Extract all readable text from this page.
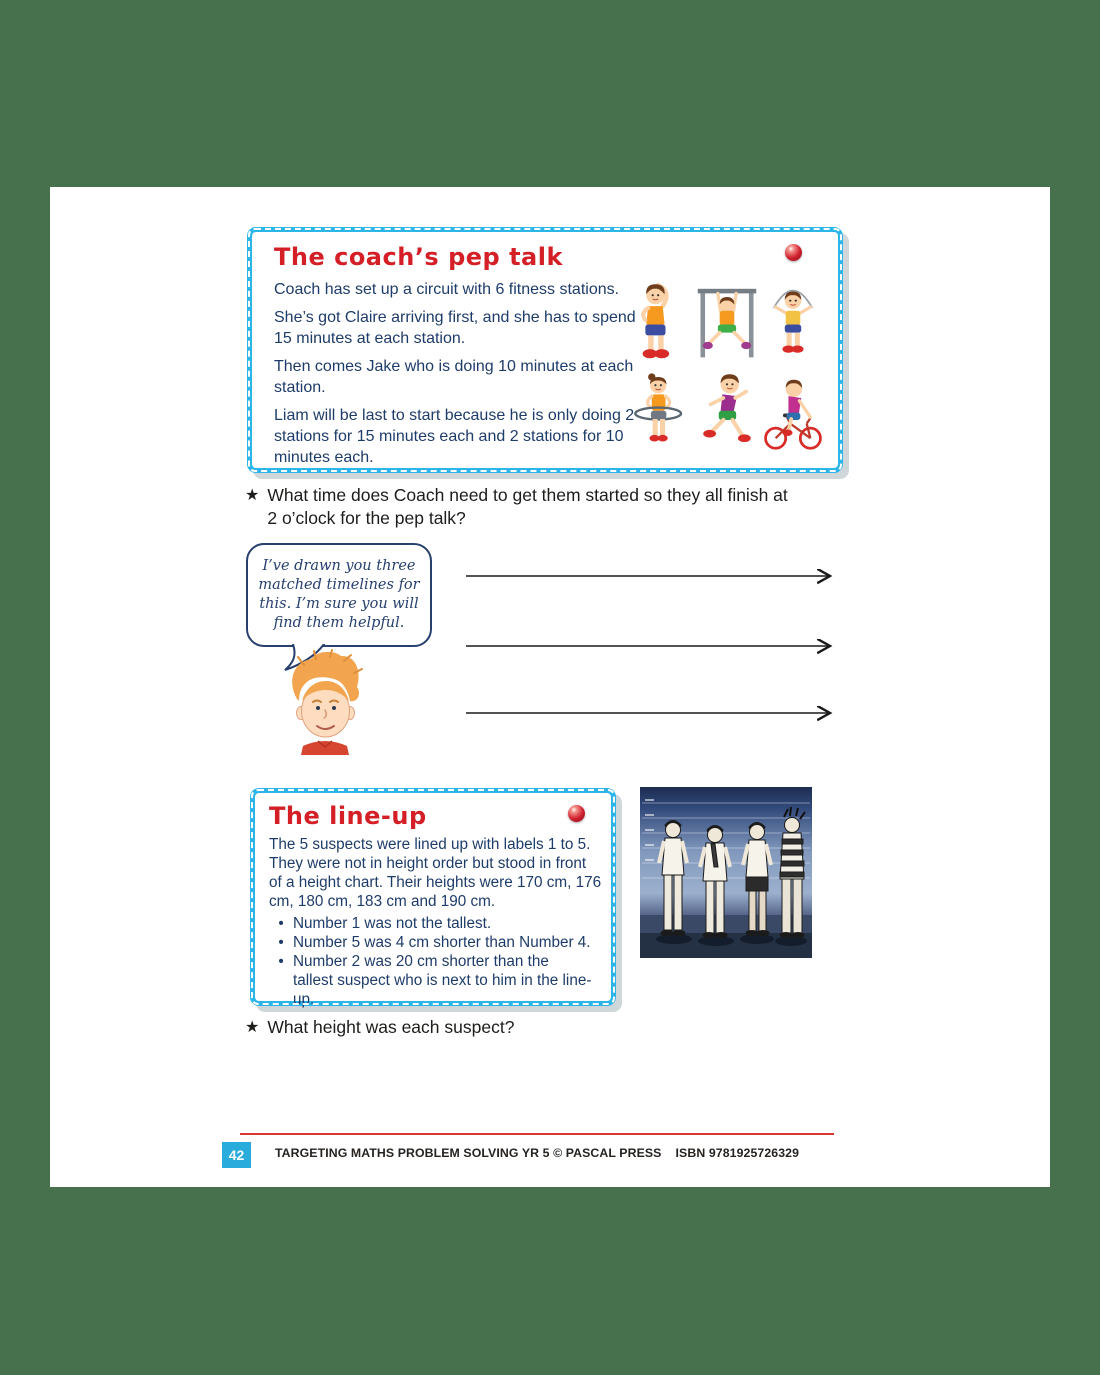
The coach’s pep talk
Coach has set up a circuit with 6 fitness stations.
She’s got Claire arriving first, and she has to spend 15 minutes at each station.
Then comes Jake who is doing 10 minutes at each station.
Liam will be last to start because he is only doing 2 stations for 15 minutes each and 2 stations for 10 minutes each.
★ What time does Coach need to get them started so they all finish at 2 o’clock for the pep talk?
I’ve drawn you three matched timelines for this. I’m sure you will find them helpful.
The line-up
The 5 suspects were lined up with labels 1 to 5. They were not in height order but stood in front of a height chart. Their heights were 170 cm, 176 cm, 180 cm, 183 cm and 190 cm.
• Number 1 was not the tallest.
• Number 5 was 4 cm shorter than Number 4.
• Number 2 was 20 cm shorter than the tallest suspect who is next to him in the line-up.
★ What height was each suspect?
42	TARGETING MATHS PROBLEM SOLVING YR 5 © PASCAL PRESS    ISBN 9781925726329
